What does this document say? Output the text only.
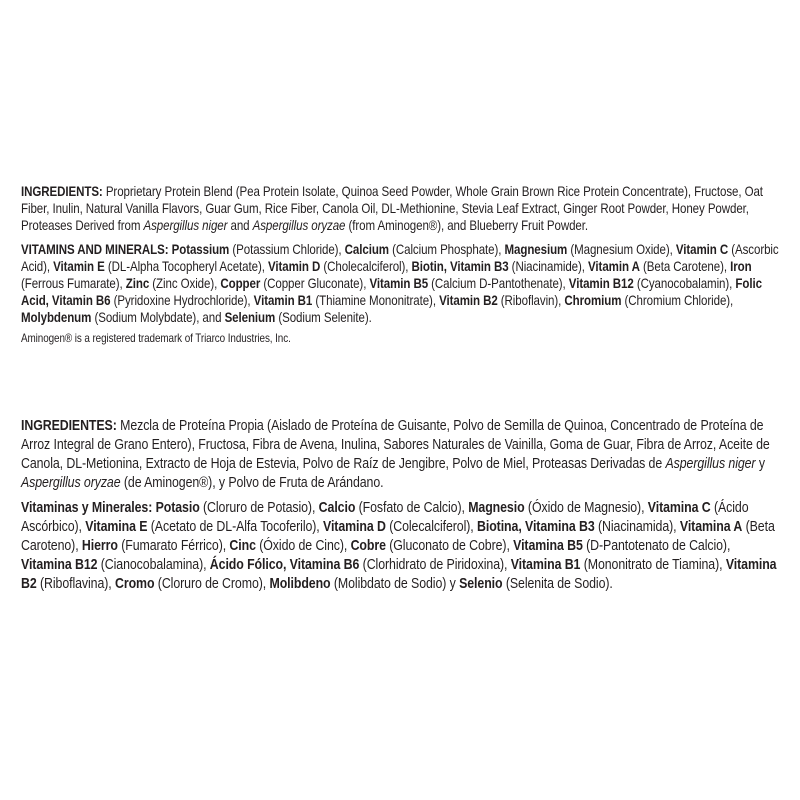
INGREDIENTS: Proprietary Protein Blend (Pea Protein Isolate, Quinoa Seed Powder, Whole Grain Brown Rice Protein Concentrate), Fructose, Oat Fiber, Inulin, Natural Vanilla Flavors, Guar Gum, Rice Fiber, Canola Oil, DL-Methionine, Stevia Leaf Extract, Ginger Root Powder, Honey Powder, Proteases Derived from Aspergillus niger and Aspergillus oryzae (from Aminogen®), and Blueberry Fruit Powder.

VITAMINS AND MINERALS: Potassium (Potassium Chloride), Calcium (Calcium Phosphate), Magnesium (Magnesium Oxide), Vitamin C (Ascorbic Acid), Vitamin E (DL-Alpha Tocopheryl Acetate), Vitamin D (Cholecalciferol), Biotin, Vitamin B3 (Niacinamide), Vitamin A (Beta Carotene), Iron (Ferrous Fumarate), Zinc (Zinc Oxide), Copper (Copper Gluconate), Vitamin B5 (Calcium D-Pantothenate), Vitamin B12 (Cyanocobalamin), Folic Acid, Vitamin B6 (Pyridoxine Hydrochloride), Vitamin B1 (Thiamine Mononitrate), Vitamin B2 (Riboflavin), Chromium (Chromium Chloride), Molybdenum (Sodium Molybdate), and Selenium (Sodium Selenite).

Aminogen® is a registered trademark of Triarco Industries, Inc.

INGREDIENTES: Mezcla de Proteína Propia (Aislado de Proteína de Guisante, Polvo de Semilla de Quinoa, Concentrado de Proteína de Arroz Integral de Grano Entero), Fructosa, Fibra de Avena, Inulina, Sabores Naturales de Vainilla, Goma de Guar, Fibra de Arroz, Aceite de Canola, DL-Metionina, Extracto de Hoja de Estevia, Polvo de Raíz de Jengibre, Polvo de Miel, Proteasas Derivadas de Aspergillus niger y Aspergillus oryzae (de Aminogen®), y Polvo de Fruta de Arándano.

Vitaminas y Minerales: Potasio (Cloruro de Potasio), Calcio (Fosfato de Calcio), Magnesio (Óxido de Magnesio), Vitamina C (Ácido Ascórbico), Vitamina E (Acetato de DL-Alfa Tocoferilo), Vitamina D (Colecalciferol), Biotina, Vitamina B3 (Niacinamida), Vitamina A (Beta Caroteno), Hierro (Fumarato Férrico), Cinc (Óxido de Cinc), Cobre (Gluconato de Cobre), Vitamina B5 (D-Pantotenato de Calcio), Vitamina B12 (Cianocobalamina), Ácido Fólico, Vitamina B6 (Clorhidrato de Piridoxina), Vitamina B1 (Mononitrato de Tiamina), Vitamina B2 (Riboflavina), Cromo (Cloruro de Cromo), Molibdeno (Molibdato de Sodio) y Selenio (Selenita de Sodio).
